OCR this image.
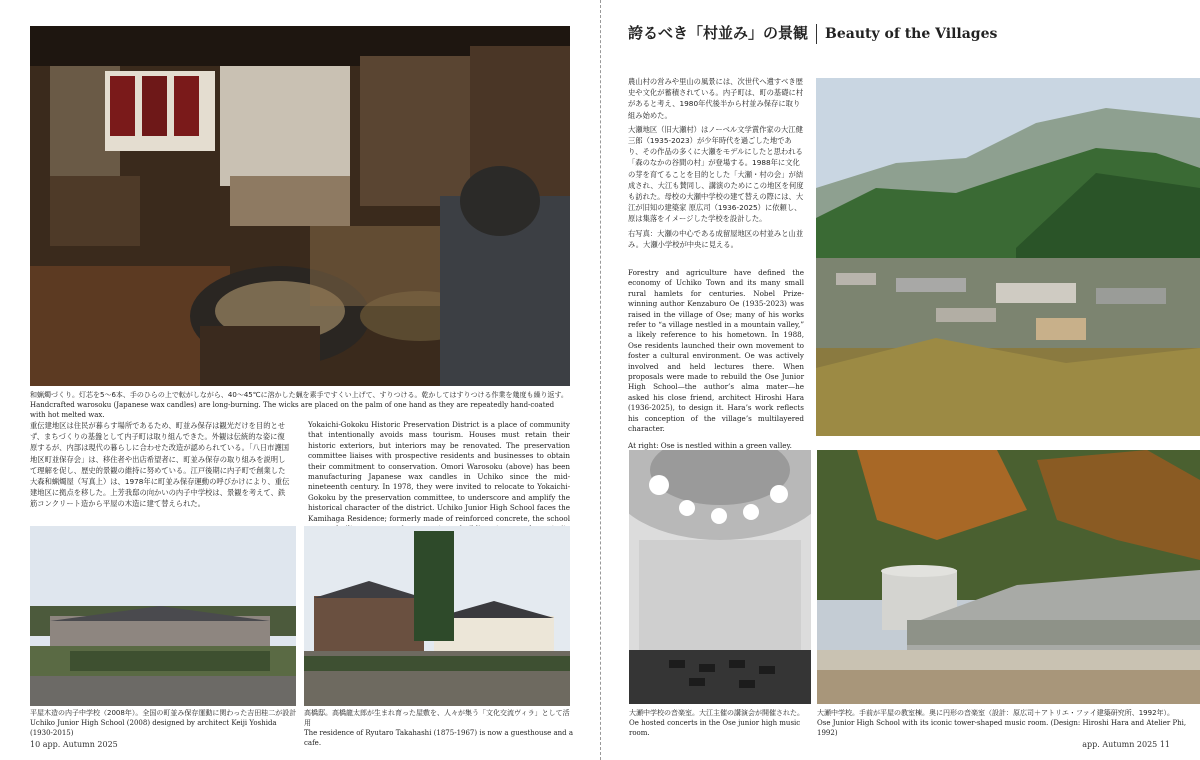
和蝋燭づくり。灯芯を5〜6本、手のひらの上で転がしながら、40〜45℃に溶かした蝋を素手ですくい上げて、すりつける。乾かしてはすりつける作業を幾度も繰り返す。
Handcrafted warosoku (Japanese wax candles) are long-burning. The wicks are placed on the palm of one hand as they are repeatedly hand-coated with hot melted wax.
重伝建地区は住民が暮らす場所であるため、町並み保存は観光だけを目的とせず、まちづくりの基盤として内子町は取り組んできた。外観は伝統的な姿に復原するが、内部は現代の暮らしに合わせた改造が認められている。「八日市護国地区町並保存会」は、移住者や出店希望者に、町並み保存の取り組みを説明して理解を促し、歴史的景観の維持に努めている。江戸後期に内子町で創業した大森和蝋燭屋（写真上）は、1978年に町並み保存運動の呼びかけにより、重伝建地区に拠点を移した。上芳我邸の向かいの内子中学校は、景観を考えて、鉄筋コンクリート造から平屋の木造に建て替えられた。
Yokaichi-Gokoku Historic Preservation District is a place of community that intentionally avoids mass tourism. Houses must retain their historic exteriors, but interiors may be renovated. The preservation committee liaises with prospective residents and businesses to obtain their commitment to conservation. Omori Warosoku (above) has been manufacturing Japanese wax candles in Uchiko since the mid-nineteenth century. In 1978, they were invited to relocate to Yokaichi-Gokoku by the preservation committee, to underscore and amplify the historical character of the district. Uchiko Junior High School faces the Kamihaga Residence; formerly made of reinforced concrete, the school
平屋木造の内子中学校（2008年）。全国の町並み保存運動に関わった吉田桂二が設計
Uchiko Junior High School (2008) designed by architect Keiji Yoshida (1930-2015)
高橋邸。高橋龍太郎が生まれ育った屋敷を、人々が集う「文化交流ヴィラ」として活用
The residence of Ryutaro Takahashi (1875-1967) is now a guesthouse and a cafe.
10 app. Autumn 2025
誇るべき「村並み」の景観 Beauty of the Villages

農山村の営みや里山の風景には、次世代へ遺すべき歴史や文化が蓄積されている。内子町は、町の基礎に村があると考え、1980年代後半から村並み保存に取り組み始めた。

大瀬地区（旧大瀬村）はノーベル文学賞作家の大江健三郎（1935-2023）が少年時代を過ごした地であり、その作品の多くに大瀬をモデルにしたと思われる「森のなかの谷間の村」が登場する。1988年に文化の芽を育てることを目的とした「大瀬・村の会」が結成され、大江も賛同し、講演のためにこの地区を何度も訪れた。母校の大瀬中学校の建て替えの際には、大江が旧知の建築家 原広司（1936-2025）に依頼し、原は集落をイメージした学校を設計した。

右写真：大瀬の中心である成留屋地区の村並みと山並み。大瀬小学校が中央に見える。

Forestry and agriculture have defined the economy of Uchiko Town and its many small rural hamlets for centuries. Nobel Prize-winning author Kenzaburo Oe (1935-2023) was raised in the village of Ose; many of his works refer to “a village nestled in a mountain valley,” a likely reference to his hometown. In 1988, Ose residents launched their own movement to foster a cultural environment. Oe was actively involved and held lectures there. When proposals were made to rebuild the Ose Junior High School—the author’s alma mater—he asked his close friend, architect Hiroshi Hara (1936-2025), to design it. Hara’s work reflects his conception of the village’s multilayered character.

At right: Ose is nestled within a green valley.

大瀬中学校の音楽室。大江主催の講演会が開催された。
Oe hosted concerts in the Ose junior high music room.
大瀬中学校。手前が平屋の教室棟。奥に円形の音楽室（設計：原広司＋アトリエ・ファイ建築研究所、1992年）。
Ose Junior High School with its iconic tower-shaped music room. (Design: Hiroshi Hara and Atelier Phi, 1992)
app. Autumn 2025 11
